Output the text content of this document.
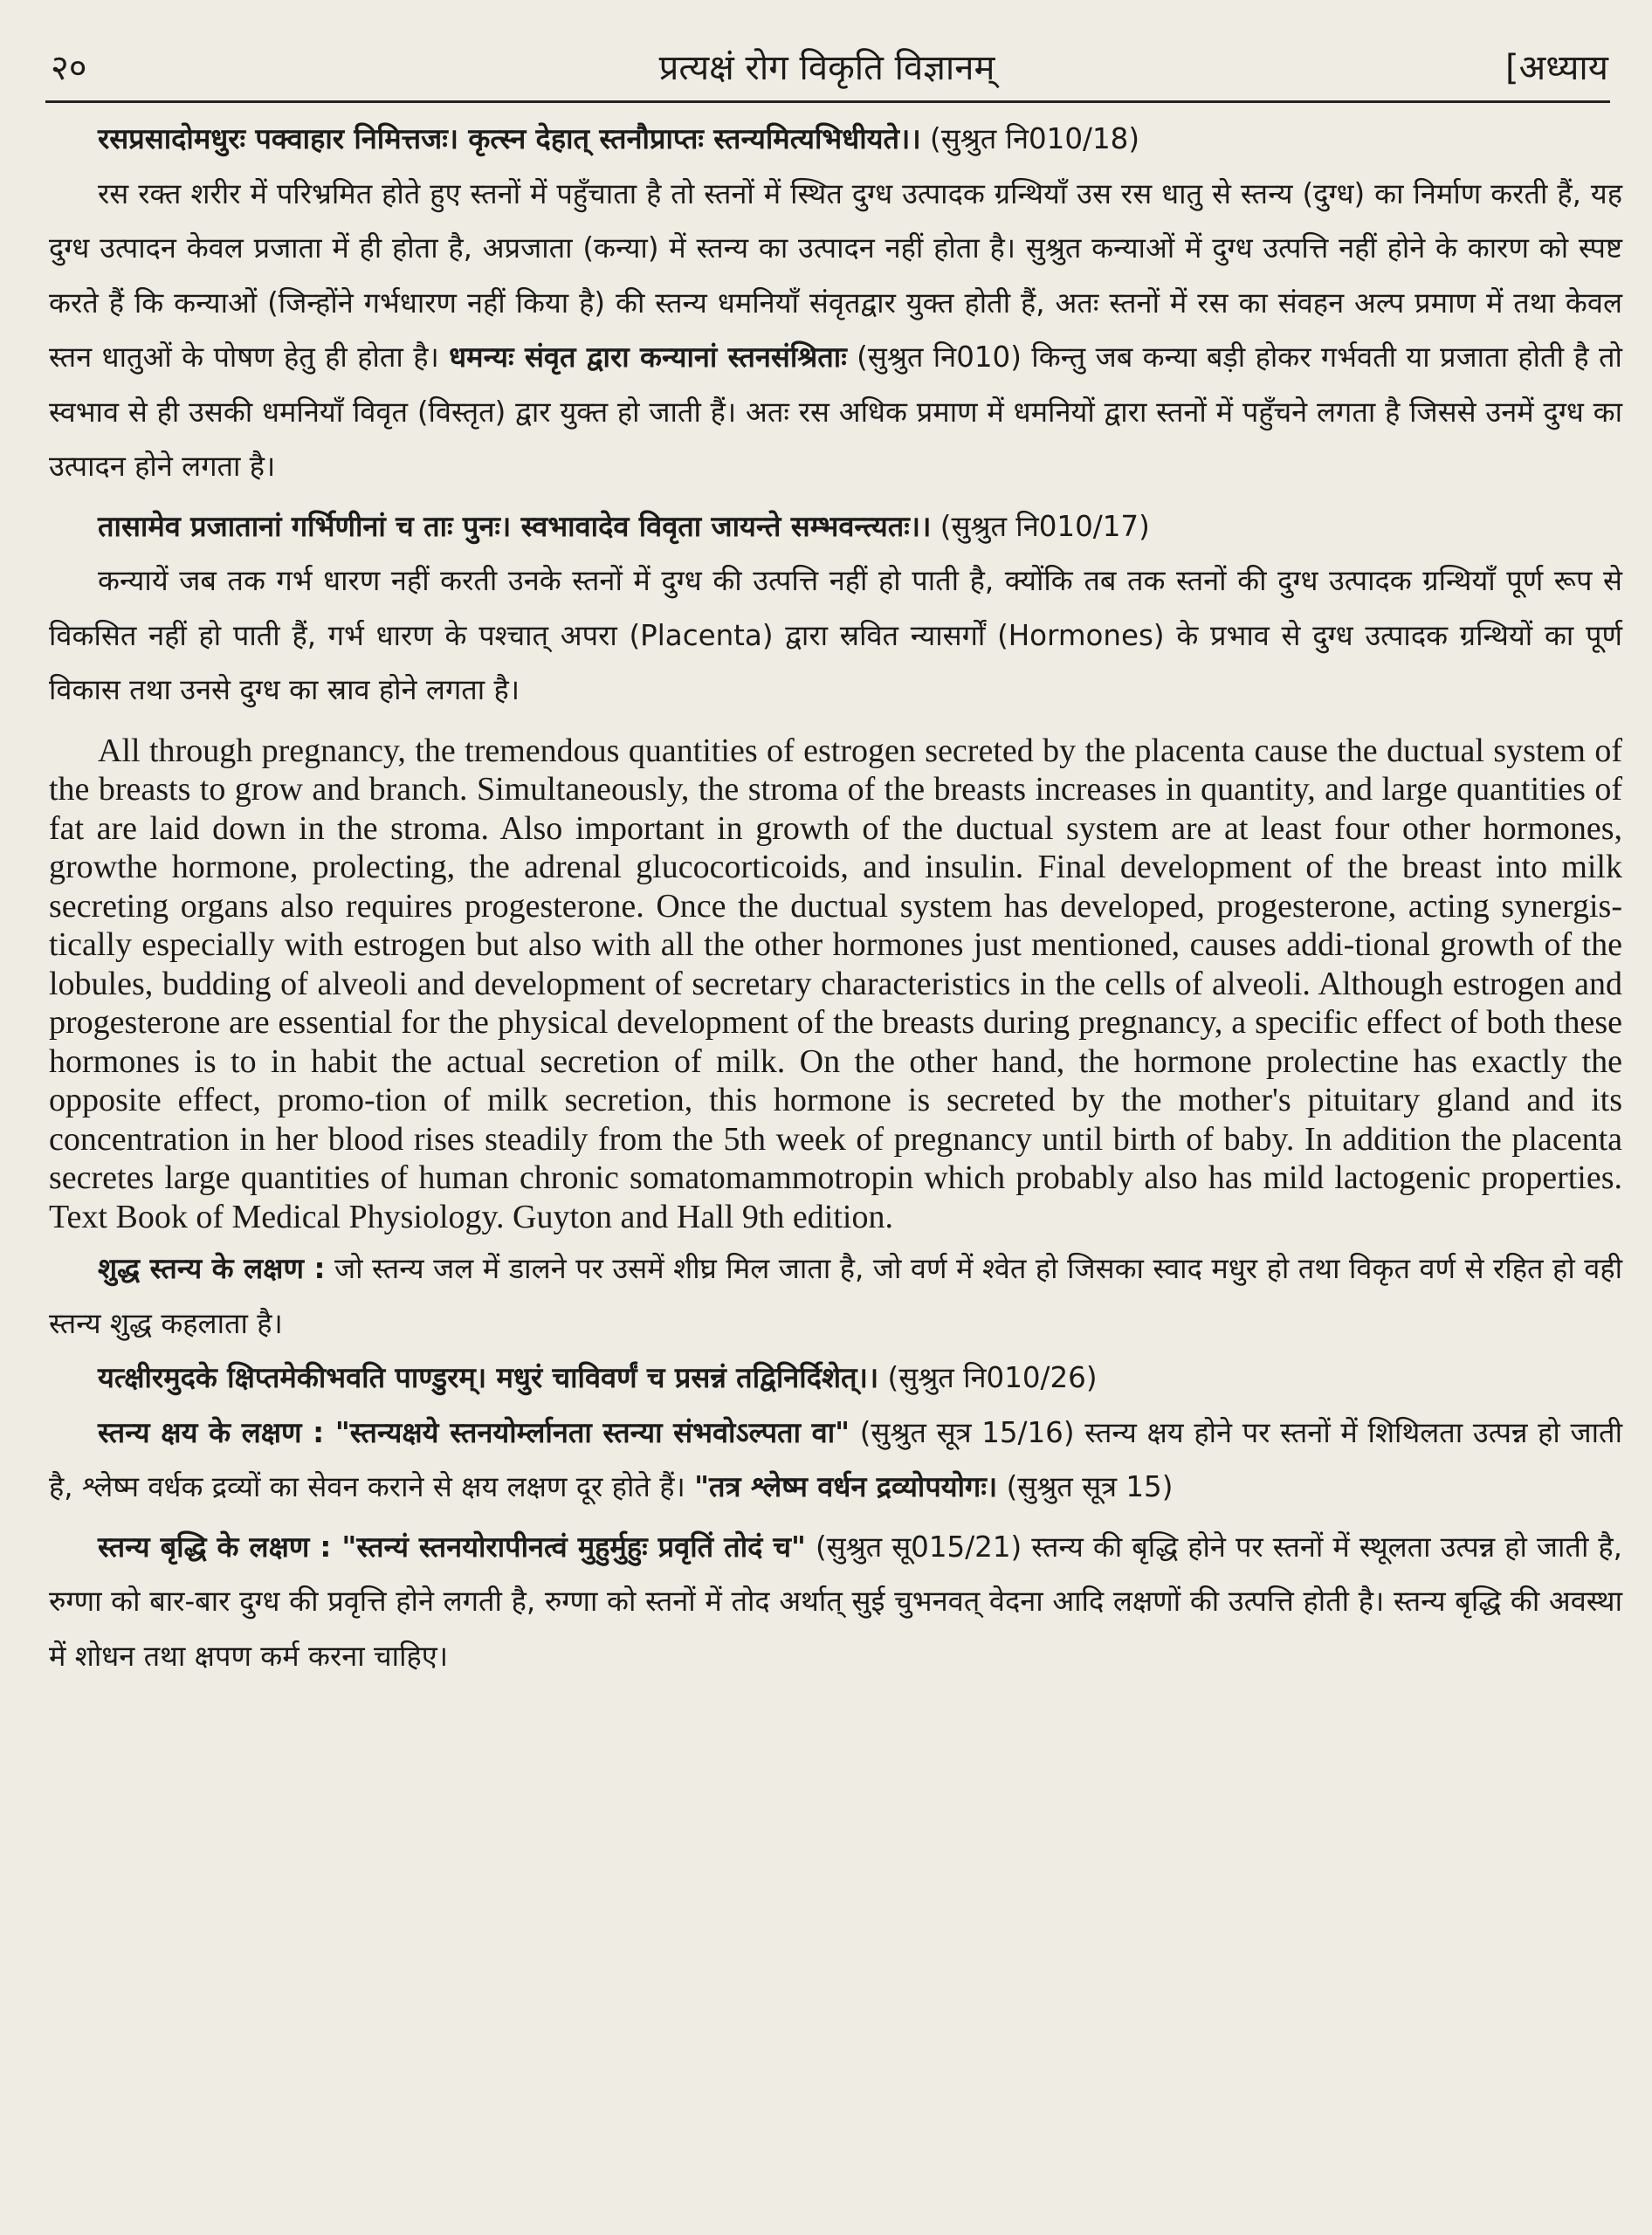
२०	प्रत्यक्षं रोग विकृति विज्ञानम्	[अध्याय

रसप्रसादोमधुरः पक्वाहार निमित्तजः। कृत्स्न देहात् स्तनौप्राप्तः स्तन्यमित्यभिधीयते।। (सुश्रुत नि010/18)

रस रक्त शरीर में परिभ्रमित होते हुए स्तनों में पहुँचाता है तो स्तनों में स्थित दुग्ध उत्पादक ग्रन्थियाँ उस रस धातु से स्तन्य (दुग्ध) का निर्माण करती हैं, यह दुग्ध उत्पादन केवल प्रजाता में ही होता है, अप्रजाता (कन्या) में स्तन्य का उत्पादन नहीं होता है। सुश्रुत कन्याओं में दुग्ध उत्पत्ति नहीं होने के कारण को स्पष्ट करते हैं कि कन्याओं (जिन्होंने गर्भधारण नहीं किया है) की स्तन्य धमनियाँ संवृतद्वार युक्त होती हैं, अतः स्तनों में रस का संवहन अल्प प्रमाण में तथा केवल स्तन धातुओं के पोषण हेतु ही होता है। धमन्यः संवृत द्वारा कन्यानां स्तनसंश्रिताः (सुश्रुत नि010) किन्तु जब कन्या बड़ी होकर गर्भवती या प्रजाता होती है तो स्वभाव से ही उसकी धमनियाँ विवृत (विस्तृत) द्वार युक्त हो जाती हैं। अतः रस अधिक प्रमाण में धमनियों द्वारा स्तनों में पहुँचने लगता है जिससे उनमें दुग्ध का उत्पादन होने लगता है।

तासामेव प्रजातानां गर्भिणीनां च ताः पुनः। स्वभावादेव विवृता जायन्ते सम्भवन्त्यतः।। (सुश्रुत नि010/17)

कन्यायें जब तक गर्भ धारण नहीं करती उनके स्तनों में दुग्ध की उत्पत्ति नहीं हो पाती है, क्योंकि तब तक स्तनों की दुग्ध उत्पादक ग्रन्थियाँ पूर्ण रूप से विकसित नहीं हो पाती हैं, गर्भ धारण के पश्चात् अपरा (Placenta) द्वारा स्रवित न्यासर्गों (Hormones) के प्रभाव से दुग्ध उत्पादक ग्रन्थियों का पूर्ण विकास तथा उनसे दुग्ध का स्राव होने लगता है।

All through pregnancy, the tremendous quantities of estrogen secreted by the placenta cause the ductual system of the breasts to grow and branch. Simultaneously, the stroma of the breasts increases in quantity, and large quantities of fat are laid down in the stroma. Also important in growth of the ductual system are at least four other hormones, growthe hormone, prolecting, the adrenal glucocorticoids, and insulin. Final development of the breast into milk secreting organs also requires progesterone. Once the ductual system has developed, progesterone, acting synergis-tically especially with estrogen but also with all the other hormones just mentioned, causes addi-tional growth of the lobules, budding of alveoli and development of secretary characteristics in the cells of alveoli. Although estrogen and progesterone are essential for the physical development of the breasts during pregnancy, a specific effect of both these hormones is to in habit the actual secretion of milk. On the other hand, the hormone prolectine has exactly the opposite effect, promo-tion of milk secretion, this hormone is secreted by the mother's pituitary gland and its concentration in her blood rises steadily from the 5th week of pregnancy until birth of baby. In addition the placenta secretes large quantities of human chronic somatomammotropin which probably also has mild lactogenic properties. Text Book of Medical Physiology. Guyton and Hall 9th edition.

शुद्ध स्तन्य के लक्षण : जो स्तन्य जल में डालने पर उसमें शीघ्र मिल जाता है, जो वर्ण में श्वेत हो जिसका स्वाद मधुर हो तथा विकृत वर्ण से रहित हो वही स्तन्य शुद्ध कहलाता है।

यत्क्षीरमुदके क्षिप्तमेकीभवति पाण्डुरम्। मधुरं चाविवर्णं च प्रसन्नं तद्विनिर्दिशेत्।। (सुश्रुत नि010/26)

स्तन्य क्षय के लक्षण : "स्तन्यक्षये स्तनयोर्म्लानता स्तन्या संभवोऽल्पता वा" (सुश्रुत सूत्र 15/16) स्तन्य क्षय होने पर स्तनों में शिथिलता उत्पन्न हो जाती है, श्लेष्म वर्धक द्रव्यों का सेवन कराने से क्षय लक्षण दूर होते हैं। "तत्र श्लेष्म वर्धन द्रव्योपयोगः। (सुश्रुत सूत्र 15)

स्तन्य बृद्धि के लक्षण : "स्तन्यं स्तनयोरापीनत्वं मुहुर्मुहुः प्रवृतिं तोदं च" (सुश्रुत सू015/21) स्तन्य की बृद्धि होने पर स्तनों में स्थूलता उत्पन्न हो जाती है, रुग्णा को बार-बार दुग्ध की प्रवृत्ति होने लगती है, रुग्णा को स्तनों में तोद अर्थात् सुई चुभनवत् वेदना आदि लक्षणों की उत्पत्ति होती है। स्तन्य बृद्धि की अवस्था में शोधन तथा क्षपण कर्म करना चाहिए।
